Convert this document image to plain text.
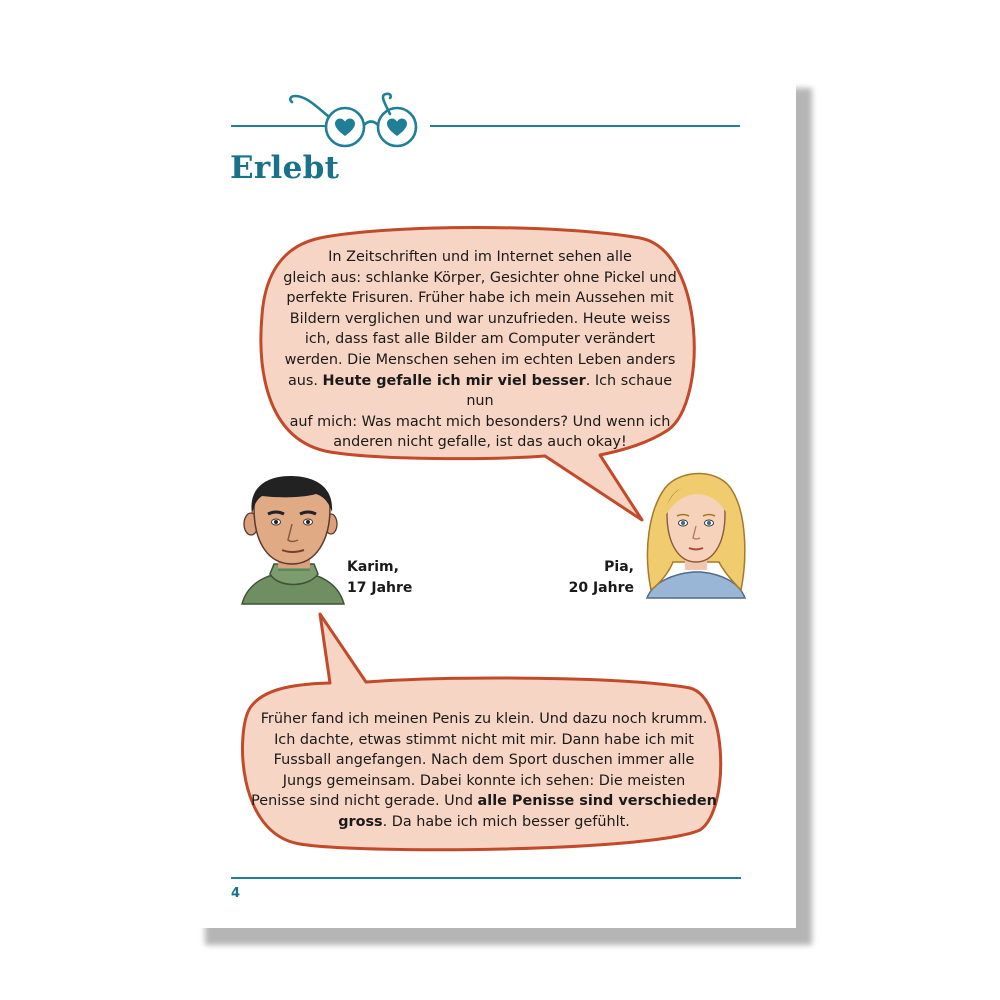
Erlebt
In Zeitschriften und im Internet sehen alle
gleich aus: schlanke Körper, Gesichter ohne Pickel und
perfekte Frisuren. Früher habe ich mein Aussehen mit
Bildern verglichen und war unzufrieden. Heute weiss
ich, dass fast alle Bilder am Computer verändert
werden. Die Menschen sehen im echten Leben anders
aus. Heute gefalle ich mir viel besser. Ich schaue nun
auf mich: Was macht mich besonders? Und wenn ich
anderen nicht gefalle, ist das auch okay!
Karim,
17 Jahre
Pia,
20 Jahre
Früher fand ich meinen Penis zu klein. Und dazu noch krumm.
Ich dachte, etwas stimmt nicht mit mir. Dann habe ich mit
Fussball angefangen. Nach dem Sport duschen immer alle
Jungs gemeinsam. Dabei konnte ich sehen: Die meisten
Penisse sind nicht gerade. Und alle Penisse sind verschieden
gross. Da habe ich mich besser gefühlt.
4
